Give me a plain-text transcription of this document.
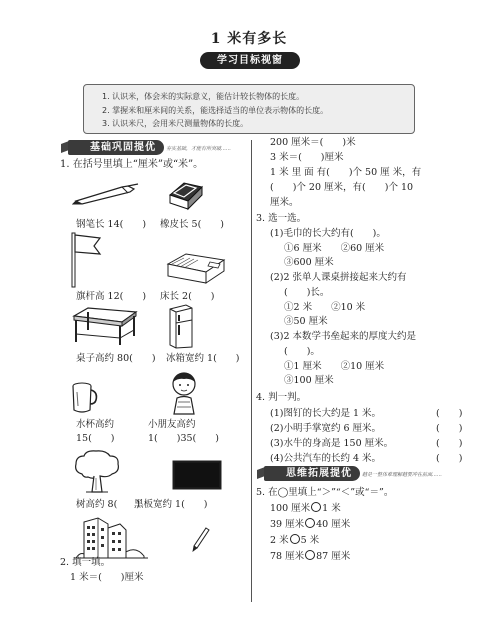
1 米有多长
学习目标视窗
1. 认识米，体会米的实际意义，能估计较长物体的长度。
2. 掌握米和厘米间的关系，能选择适当的单位表示物体的长度。
3. 认识米尺，会用米尺测量物体的长度。
基础巩固提优	夯实基础，才能有所突破……
1. 在括号里填上“厘米”或“米”。
钢笔长 14(　　) 橡皮长 5(　　)
旗杆高 12(　　) 床长 2(　　)
桌子高约 80(　　) 冰箱宽约 1(　　)
水杯高约	小朋友高约
15(　　)	1(　　)35(　　)
树高约 8(　　)
黑板宽约 1(　　)
2. 填一填。
1 米＝(　　)厘米
200 厘米＝(　　)米
3 米＝(　　)厘米
1 米 里 面 有(　　)个 50 厘 米，有
(　　)个 20 厘米，有(　　)个 10
厘米。
3. 选一选。
(1)毛巾的长大约有(　　)。
①6 厘米　　②60 厘米
③600 厘米
(2)2 张单人课桌拼接起来大约有
(　　)长。
①2 米　　②10 米
③50 厘米
(3)2 本数学书垒起来的厚度大约是
(　　)。
①1 厘米　　②10 厘米
③100 厘米
4. 判一判。
(1)图钉的长大约是 1 米。	(　　)
(2)小明手掌宽约 6 厘米。	(　　)
(3)水牛的身高是 150 厘米。	(　　)
(4)公共汽车的长约 4 米。	(　　)
思维拓展提优	越是一整体难理解越要冲在前面……
5. 在◯里填上“＞”“＜”或“＝”。
100 厘米 1 米
39 厘米 40 厘米
2 米 5 米
78 厘米 87 厘米
